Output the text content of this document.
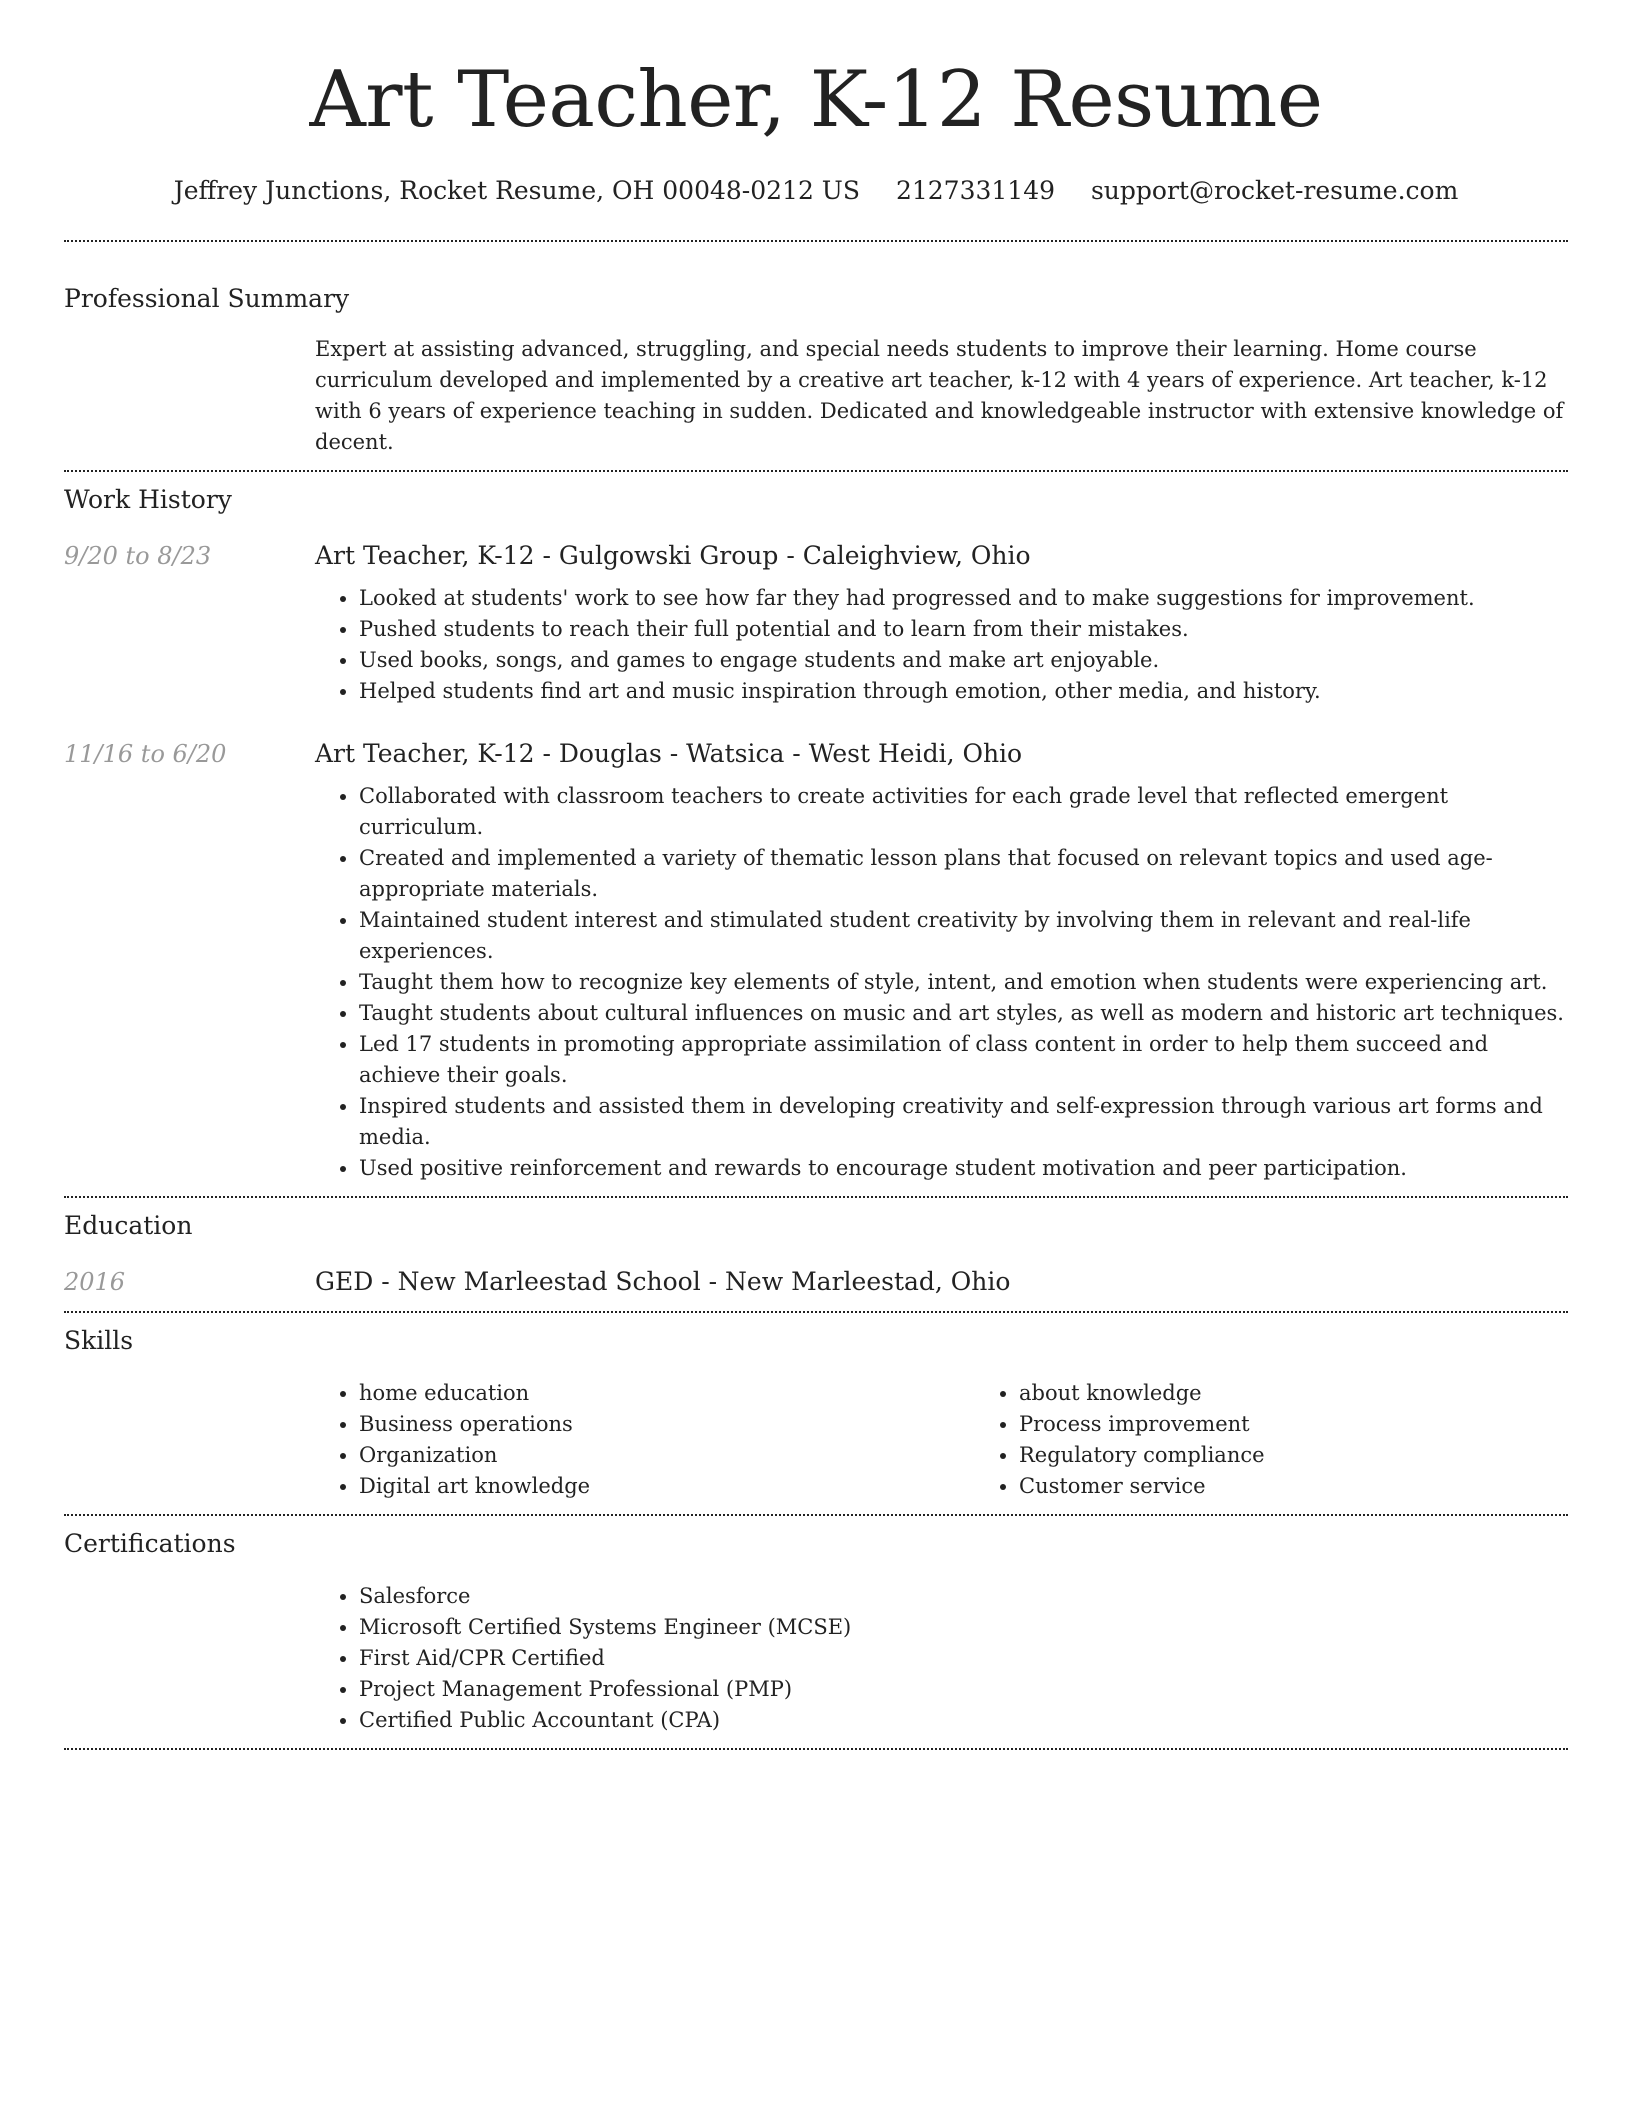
Art Teacher, K-12 Resume
Jeffrey Junctions, Rocket Resume, OH 00048-0212 US 2127331149 support@rocket-resume.com
Professional Summary

Expert at assisting advanced, struggling, and special needs students to improve their learning. Home course curriculum developed and implemented by a creative art teacher, k-12 with 4 years of experience. Art teacher, k-12 with 6 years of experience teaching in sudden. Dedicated and knowledgeable instructor with extensive knowledge of decent.

Work History
9/20 to 8/23	Art Teacher, K-12 - Gulgowski Group - Caleighview, Ohio
• Looked at students' work to see how far they had progressed and to make suggestions for improvement.
• Pushed students to reach their full potential and to learn from their mistakes.
• Used books, songs, and games to engage students and make art enjoyable.
• Helped students find art and music inspiration through emotion, other media, and history.
11/16 to 6/20	Art Teacher, K-12 - Douglas - Watsica - West Heidi, Ohio
• Collaborated with classroom teachers to create activities for each grade level that reflected emergent curriculum.
• Created and implemented a variety of thematic lesson plans that focused on relevant topics and used age-appropriate materials.
• Maintained student interest and stimulated student creativity by involving them in relevant and real-life experiences.
• Taught them how to recognize key elements of style, intent, and emotion when students were experiencing art.
• Taught students about cultural influences on music and art styles, as well as modern and historic art techniques.
• Led 17 students in promoting appropriate assimilation of class content in order to help them succeed and achieve their goals.
• Inspired students and assisted them in developing creativity and self-expression through various art forms and media.
• Used positive reinforcement and rewards to encourage student motivation and peer participation.
Education
2016	GED - New Marleestad School - New Marleestad, Ohio
Skills
• home education
• Business operations
• Organization
• Digital art knowledge
• about knowledge
• Process improvement
• Regulatory compliance
• Customer service
Certifications
• Salesforce
• Microsoft Certified Systems Engineer (MCSE)
• First Aid/CPR Certified
• Project Management Professional (PMP)
• Certified Public Accountant (CPA)
